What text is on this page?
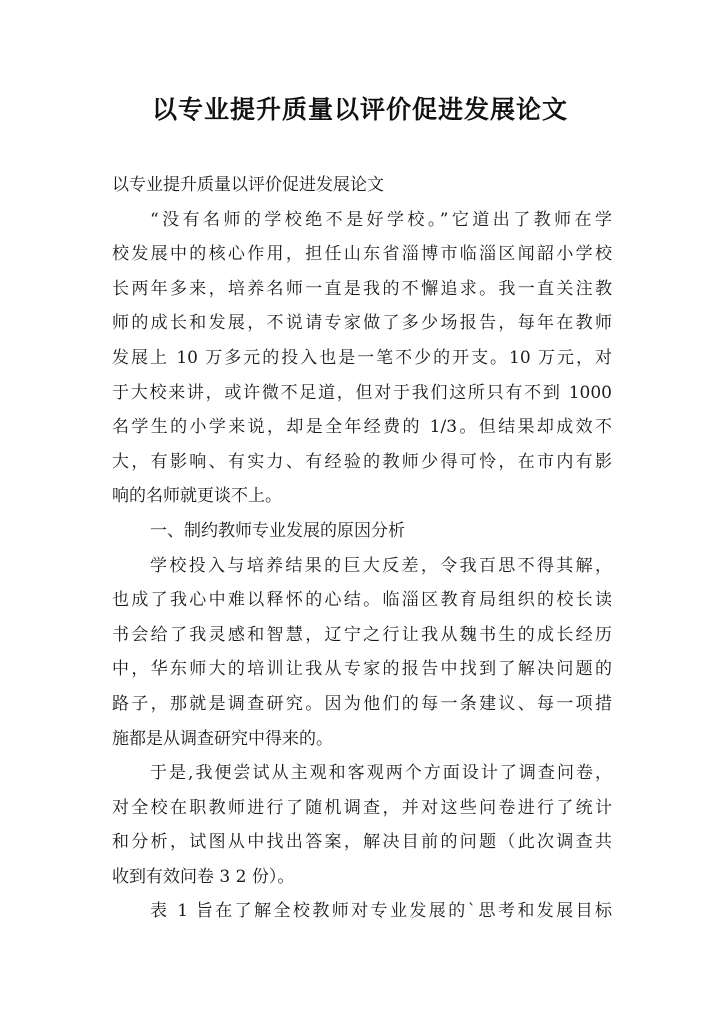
以专业提升质量以评价促进发展论文
以专业提升质量以评价促进发展论文
“没有名师的学校绝不是好学校。”它道出了教师在学
校发展中的核心作用，担任山东省淄博市临淄区闻韶小学校
长两年多来，培养名师一直是我的不懈追求。我一直关注教
师的成长和发展，不说请专家做了多少场报告，每年在教师
发展上 10 万多元的投入也是一笔不少的开支。10 万元，对
于大校来讲，或许微不足道，但对于我们这所只有不到 1000
名学生的小学来说，却是全年经费的 1/3。但结果却成效不
大，有影响、有实力、有经验的教师少得可怜，在市内有影
响的名师就更谈不上。
一、制约教师专业发展的原因分析
学校投入与培养结果的巨大反差，令我百思不得其解，
也成了我心中难以释怀的心结。临淄区教育局组织的校长读
书会给了我灵感和智慧，辽宁之行让我从魏书生的成长经历
中，华东师大的培训让我从专家的报告中找到了解决问题的
路子，那就是调查研究。因为他们的每一条建议、每一项措
施都是从调查研究中得来的。
于是,我便尝试从主观和客观两个方面设计了调查问卷，
对全校在职教师进行了随机调查，并对这些问卷进行了统计
和分析，试图从中找出答案，解决目前的问题（此次调查共
收到有效问卷 3 2 份）。
表 1 旨在了解全校教师对专业发展的`思考和发展目标
